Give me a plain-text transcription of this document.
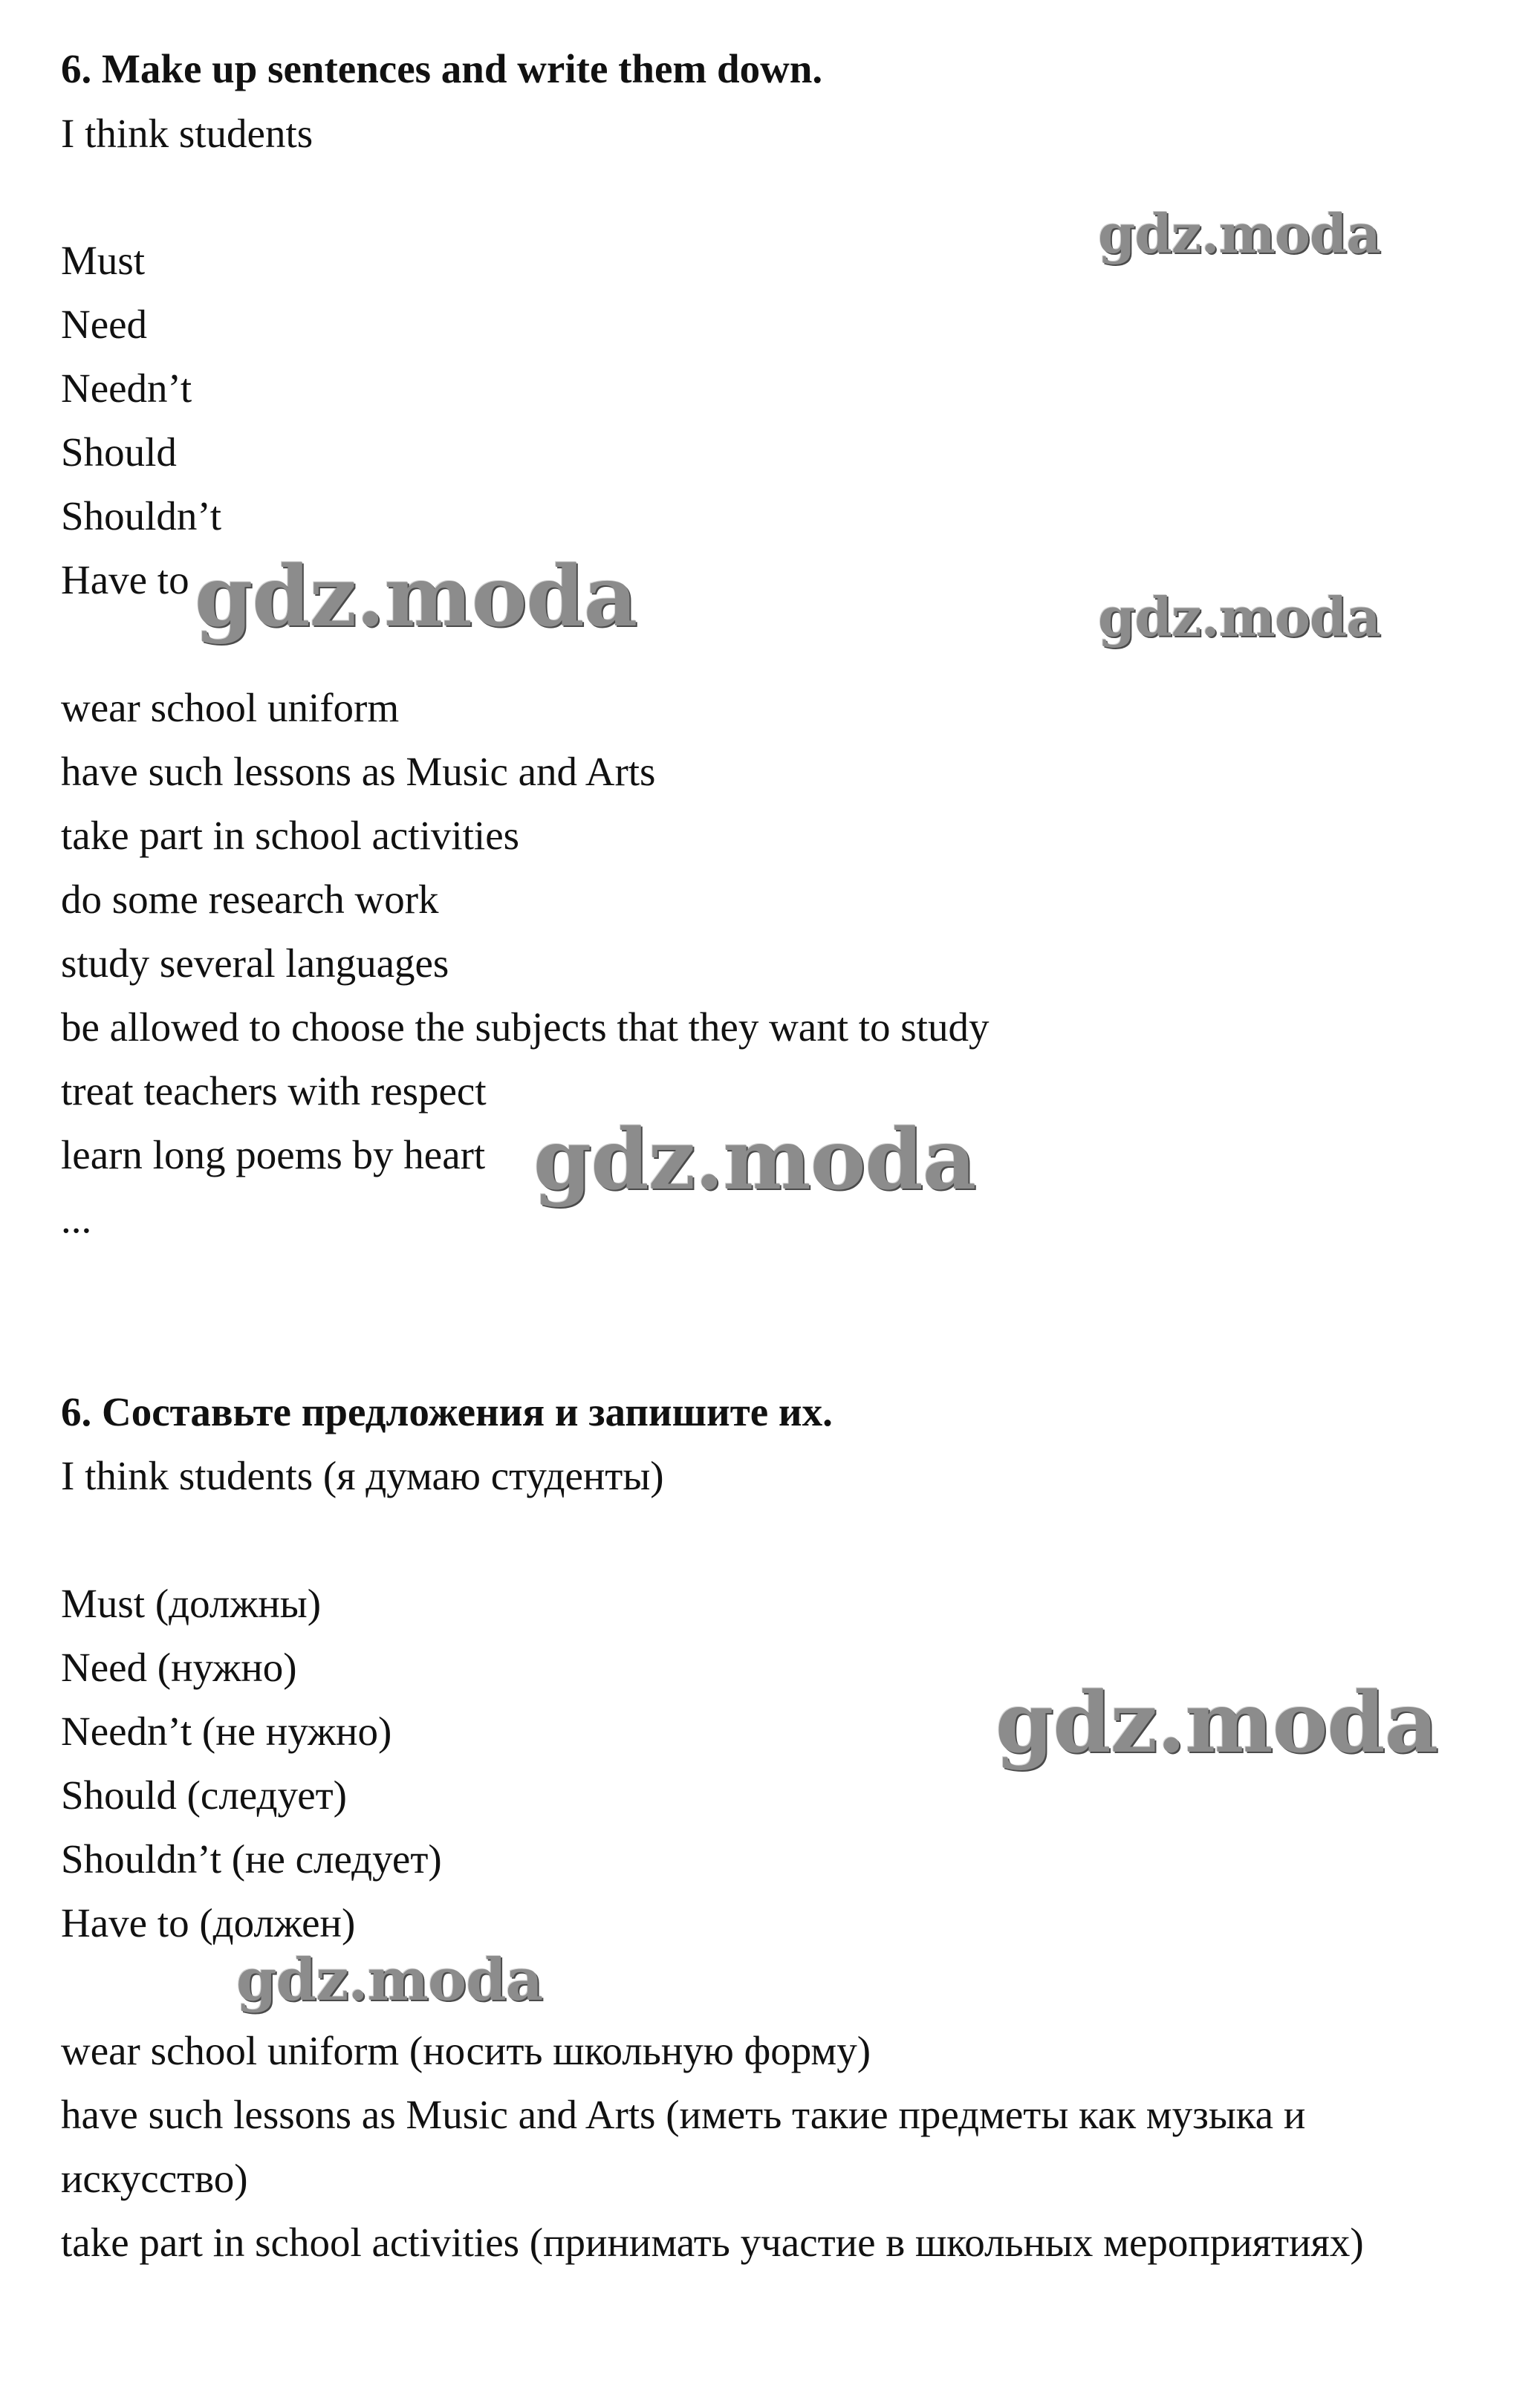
6. Make up sentences and write them down.
I think students
Must
Need
Needn’t
Should
Shouldn’t
Have to
wear school uniform
have such lessons as Music and Arts
take part in school activities
do some research work
study several languages
be allowed to choose the subjects that they want to study
treat teachers with respect
learn long poems by heart
...
6. Составьте предложения и запишите их.
I think students (я думаю студенты)
Must (должны)
Need (нужно)
Needn’t (не нужно)
Should (следует)
Shouldn’t (не следует)
Have to (должен)
wear school uniform (носить школьную форму)
have such lessons as Music and Arts (иметь такие предметы как музыка и
искусство)
take part in school activities (принимать участие в школьных мероприятиях)
gdz.moda
gdz.moda	gdz.moda
gdz.moda
gdz.moda
gdz.moda
